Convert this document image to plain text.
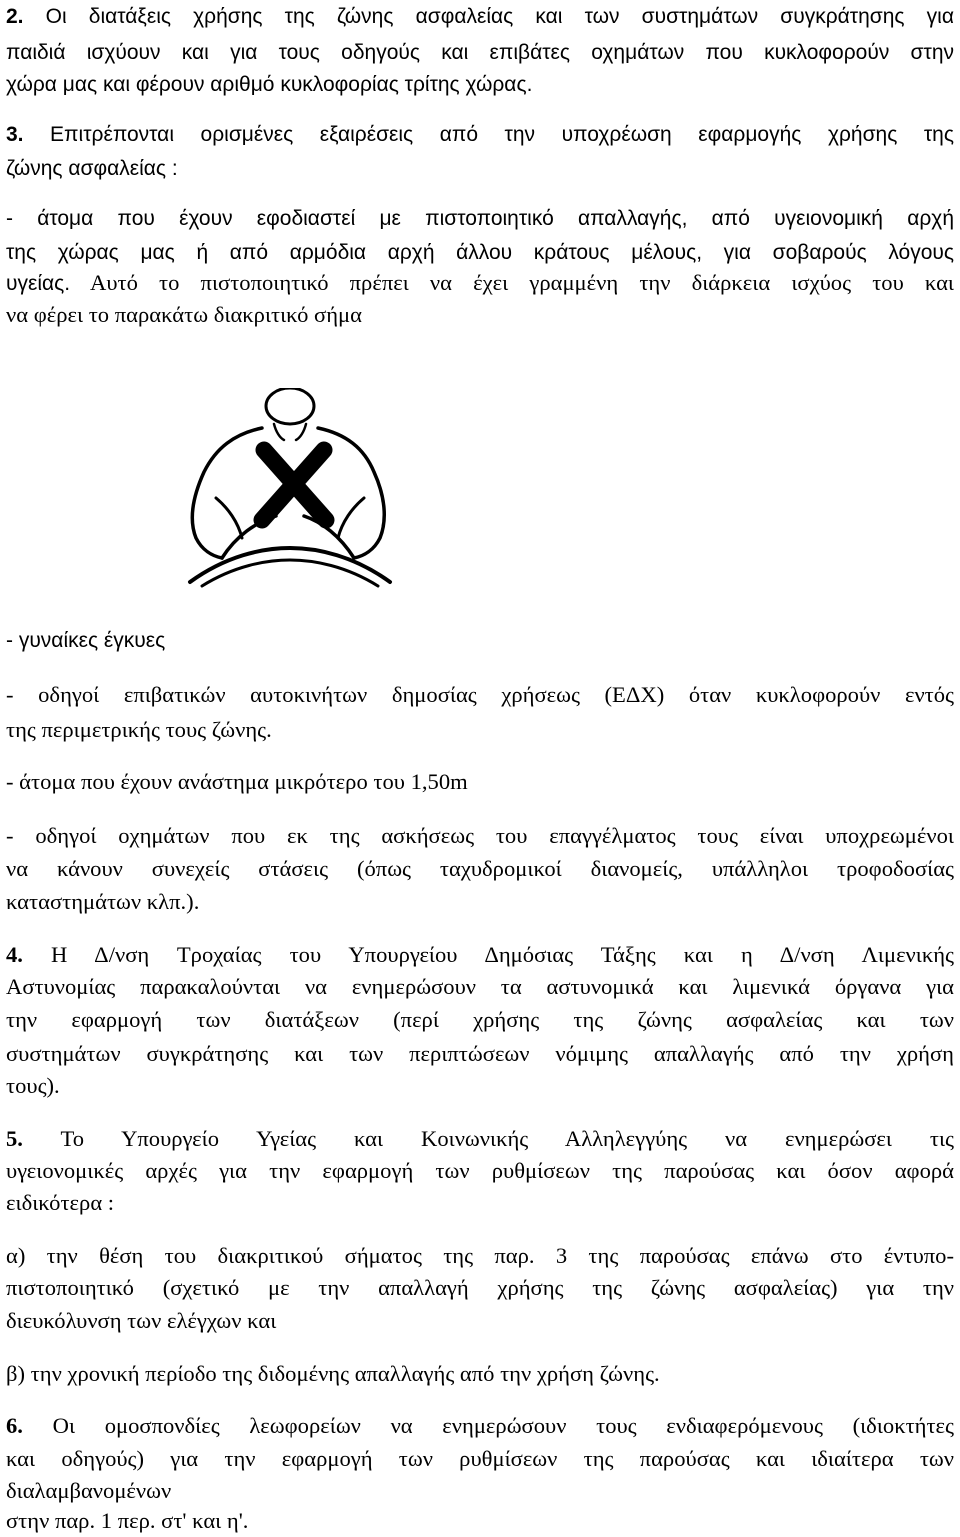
2. Οι διατάξεις χρήσης της ζώνης ασφαλείας και των συστημάτων συγκράτησης για
παιδιά ισχύουν και για τους οδηγούς και επιβάτες οχημάτων που κυκλοφορούν στην
χώρα μας και φέρουν αριθμό κυκλοφορίας τρίτης χώρας.
3. Επιτρέπονται ορισμένες εξαιρέσεις από την υποχρέωση εφαρμογής χρήσης της
ζώνης ασφαλείας :
- άτομα που έχουν εφοδιαστεί με πιστοποιητικό απαλλαγής, από υγειονομική αρχή
της χώρας μας ή από αρμόδια αρχή άλλου κράτους μέλους, για σοβαρούς λόγους
υγείας. Αυτό το πιστοποιητικό πρέπει να έχει γραμμένη την διάρκεια ισχύος του και
να φέρει το παρακάτω διακριτικό σήμα
- γυναίκες έγκυες
- οδηγοί επιβατικών αυτοκινήτων δημοσίας χρήσεως (ΕΔΧ) όταν κυκλοφορούν εντός
της περιμετρικής τους ζώνης.
- άτομα που έχουν ανάστημα μικρότερο του 1,50m
- οδηγοί οχημάτων που εκ της ασκήσεως του επαγγέλματος τους είναι υποχρεωμένοι
να κάνουν συνεχείς στάσεις (όπως ταχυδρομικοί διανομείς, υπάλληλοι τροφοδοσίας
καταστημάτων κλπ.).
4. Η Δ/νση Τροχαίας του Υπουργείου Δημόσιας Τάξης και η Δ/νση Λιμενικής
Αστυνομίας παρακαλούνται να ενημερώσουν τα αστυνομικά και λιμενικά όργανα για
την εφαρμογή των διατάξεων (περί χρήσης της ζώνης ασφαλείας και των
συστημάτων συγκράτησης και των περιπτώσεων νόμιμης απαλλαγής από την χρήση
τους).
5. Το Υπουργείο Υγείας και Κοινωνικής Αλληλεγγύης να ενημερώσει τις
υγειονομικές αρχές για την εφαρμογή των ρυθμίσεων της παρούσας και όσον αφορά
ειδικότερα :
α) την θέση του διακριτικού σήματος της παρ. 3 της παρούσας επάνω στο έντυπο-
πιστοποιητικό (σχετικό με την απαλλαγή χρήσης της ζώνης ασφαλείας) για την
διευκόλυνση των ελέγχων και
β) την χρονική περίοδο της διδομένης απαλλαγής από την χρήση ζώνης.
6. Οι ομοσπονδίες λεωφορείων να ενημερώσουν τους ενδιαφερόμενους (ιδιοκτήτες
και οδηγούς) για την εφαρμογή των ρυθμίσεων της παρούσας και ιδιαίτερα των
διαλαμβανομένων
στην παρ. 1 περ. στ' και η'.
